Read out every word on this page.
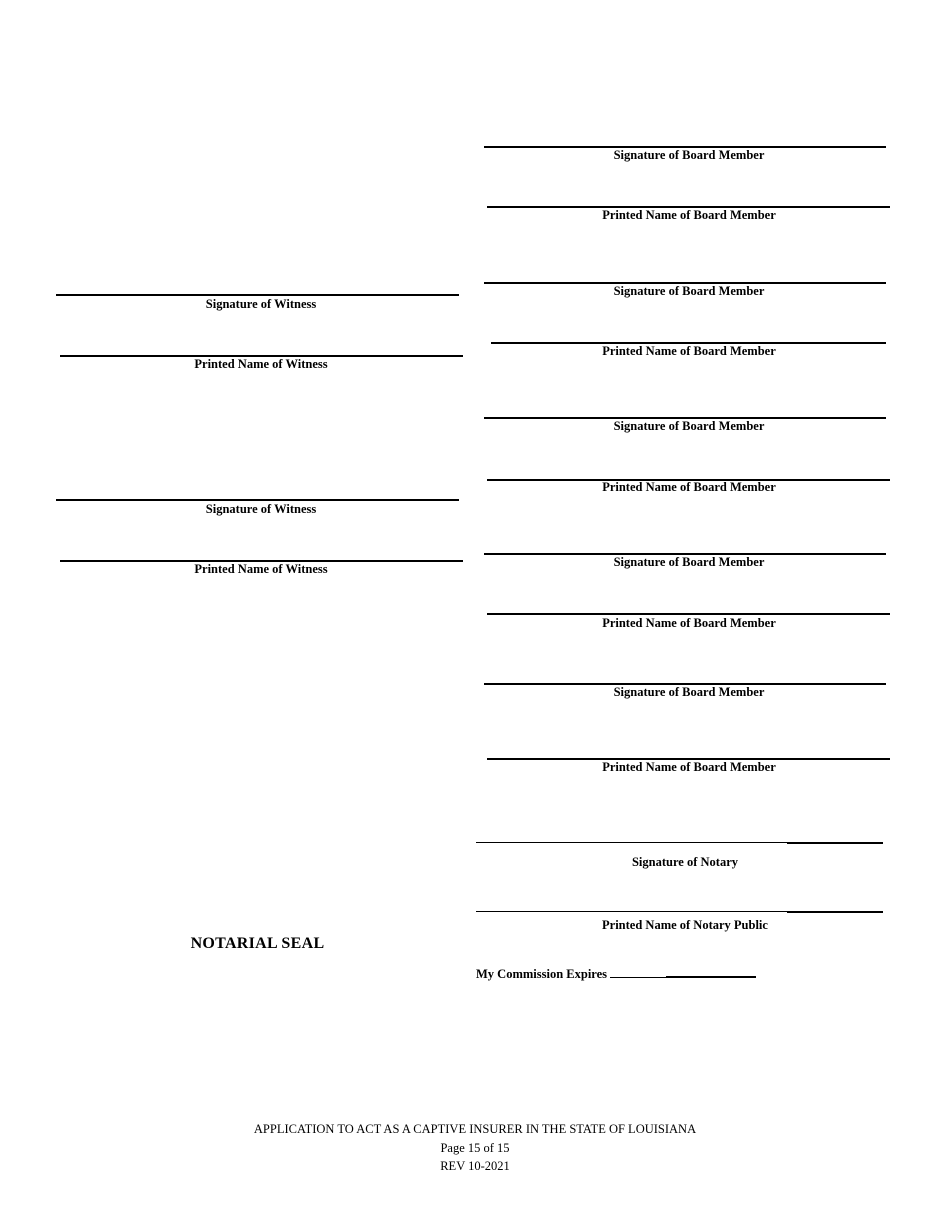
Signature of Board Member
Printed Name of Board Member
Signature of Board Member
Printed Name of Board Member
Signature of Board Member
Printed Name of Board Member
Signature of Board Member
Printed Name of Board Member
Signature of Board Member
Printed Name of Board Member
Signature of Witness
Printed Name of Witness
Signature of Witness
Printed Name of Witness
Signature of Notary
Printed Name of Notary Public
NOTARIAL SEAL
My Commission Expires
APPLICATION TO ACT AS A CAPTIVE INSURER IN THE STATE OF LOUISIANA
Page 15 of 15
REV 10-2021
